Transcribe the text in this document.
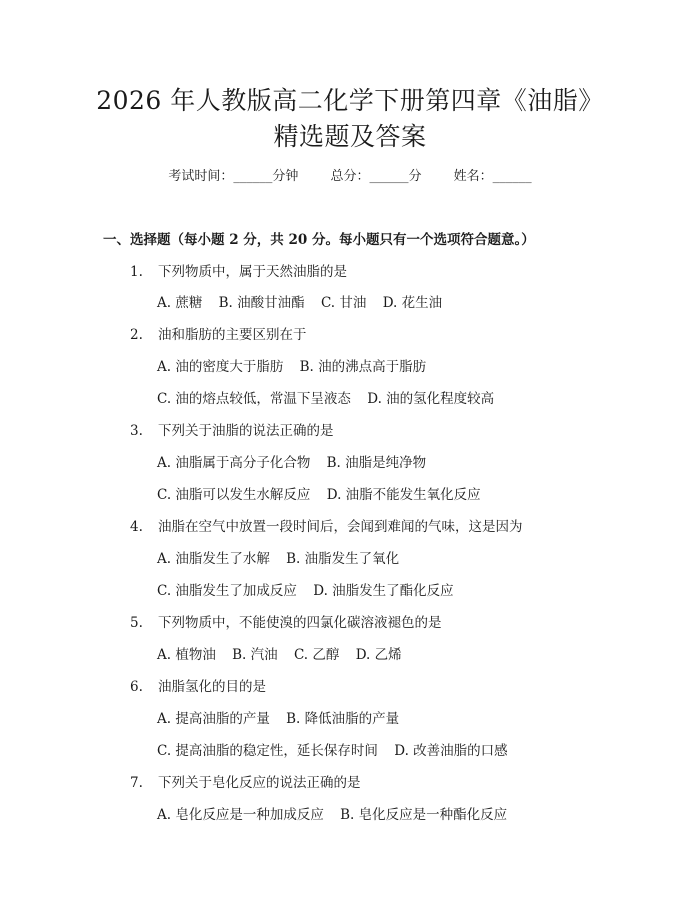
2026 年人教版高二化学下册第四章《油脂》
精选题及答案
考试时间：______分钟 总分：______分 姓名：______
一、选择题（每小题 2 分，共 20 分。每小题只有一个选项符合题意。）
1. 下列物质中，属于天然油脂的是
A. 蔗糖 B. 油酸甘油酯 C. 甘油 D. 花生油
2. 油和脂肪的主要区别在于
A. 油的密度大于脂肪 B. 油的沸点高于脂肪
C. 油的熔点较低，常温下呈液态 D. 油的氢化程度较高
3. 下列关于油脂的说法正确的是
A. 油脂属于高分子化合物 B. 油脂是纯净物
C. 油脂可以发生水解反应 D. 油脂不能发生氧化反应
4. 油脂在空气中放置一段时间后，会闻到难闻的气味，这是因为
A. 油脂发生了水解 B. 油脂发生了氧化
C. 油脂发生了加成反应 D. 油脂发生了酯化反应
5. 下列物质中，不能使溴的四氯化碳溶液褪色的是
A. 植物油 B. 汽油 C. 乙醇 D. 乙烯
6. 油脂氢化的目的是
A. 提高油脂的产量 B. 降低油脂的产量
C. 提高油脂的稳定性，延长保存时间 D. 改善油脂的口感
7. 下列关于皂化反应的说法正确的是
A. 皂化反应是一种加成反应 B. 皂化反应是一种酯化反应
